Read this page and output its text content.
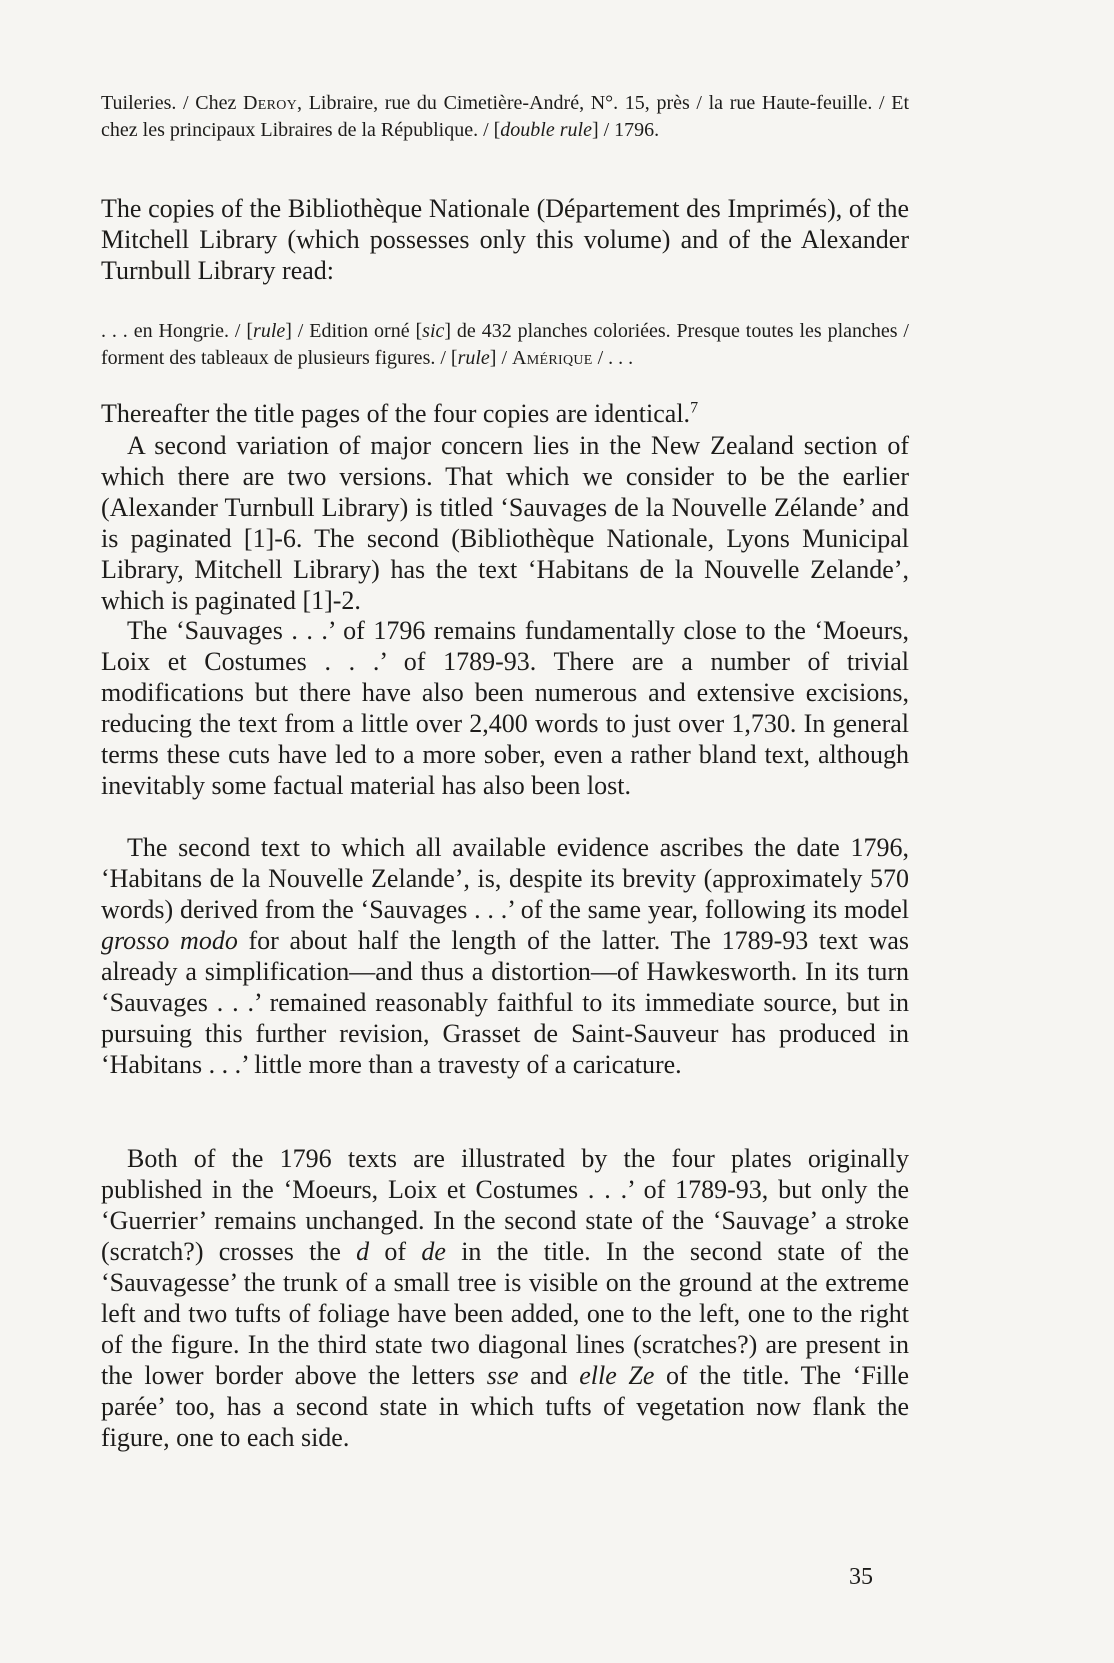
Tuileries. / Chez Deroy, Libraire, rue du Cimetière-André, N°. 15, près / la rue Haute-feuille. / Et chez les principaux Libraires de la République. / [double rule] / 1796.

The copies of the Bibliothèque Nationale (Département des Imprimés), of the Mitchell Library (which possesses only this volume) and of the Alexander Turnbull Library read:

. . . en Hongrie. / [rule] / Edition orné [sic] de 432 planches coloriées. Presque toutes les planches / forment des tableaux de plusieurs figures. / [rule] / Amérique / . . .

Thereafter the title pages of the four copies are identical.$^7$

A second variation of major concern lies in the New Zealand section of which there are two versions. That which we consider to be the earlier (Alexander Turnbull Library) is titled ‘Sauvages de la Nouvelle Zélande’ and is paginated [1]-6. The second (Bibliothèque Nationale, Lyons Municipal Library, Mitchell Library) has the text ‘Habitans de la Nouvelle Zelande’, which is paginated [1]-2.

The ‘Sauvages . . .’ of 1796 remains fundamentally close to the ‘Moeurs, Loix et Costumes . . .’ of 1789-93. There are a number of trivial modifications but there have also been numerous and extensive excisions, reducing the text from a little over 2,400 words to just over 1,730. In general terms these cuts have led to a more sober, even a rather bland text, although inevitably some factual material has also been lost.

The second text to which all available evidence ascribes the date 1796, ‘Habitans de la Nouvelle Zelande’, is, despite its brevity (approximately 570 words) derived from the ‘Sauvages . . .’ of the same year, following its model grosso modo for about half the length of the latter. The 1789-93 text was already a simplification—and thus a distortion—of Hawkesworth. In its turn ‘Sauvages . . .’ remained reasonably faithful to its immediate source, but in pursuing this further revision, Grasset de Saint-Sauveur has produced in ‘Habitans . . .’ little more than a travesty of a caricature.

Both of the 1796 texts are illustrated by the four plates originally published in the ‘Moeurs, Loix et Costumes . . .’ of 1789-93, but only the ‘Guerrier’ remains unchanged. In the second state of the ‘Sauvage’ a stroke (scratch?) crosses the d of de in the title. In the second state of the ‘Sauvagesse’ the trunk of a small tree is visible on the ground at the extreme left and two tufts of foliage have been added, one to the left, one to the right of the figure. In the third state two diagonal lines (scratches?) are present in the lower border above the letters sse and elle Ze of the title. The ‘Fille parée’ too, has a second state in which tufts of vegetation now flank the figure, one to each side.

35
